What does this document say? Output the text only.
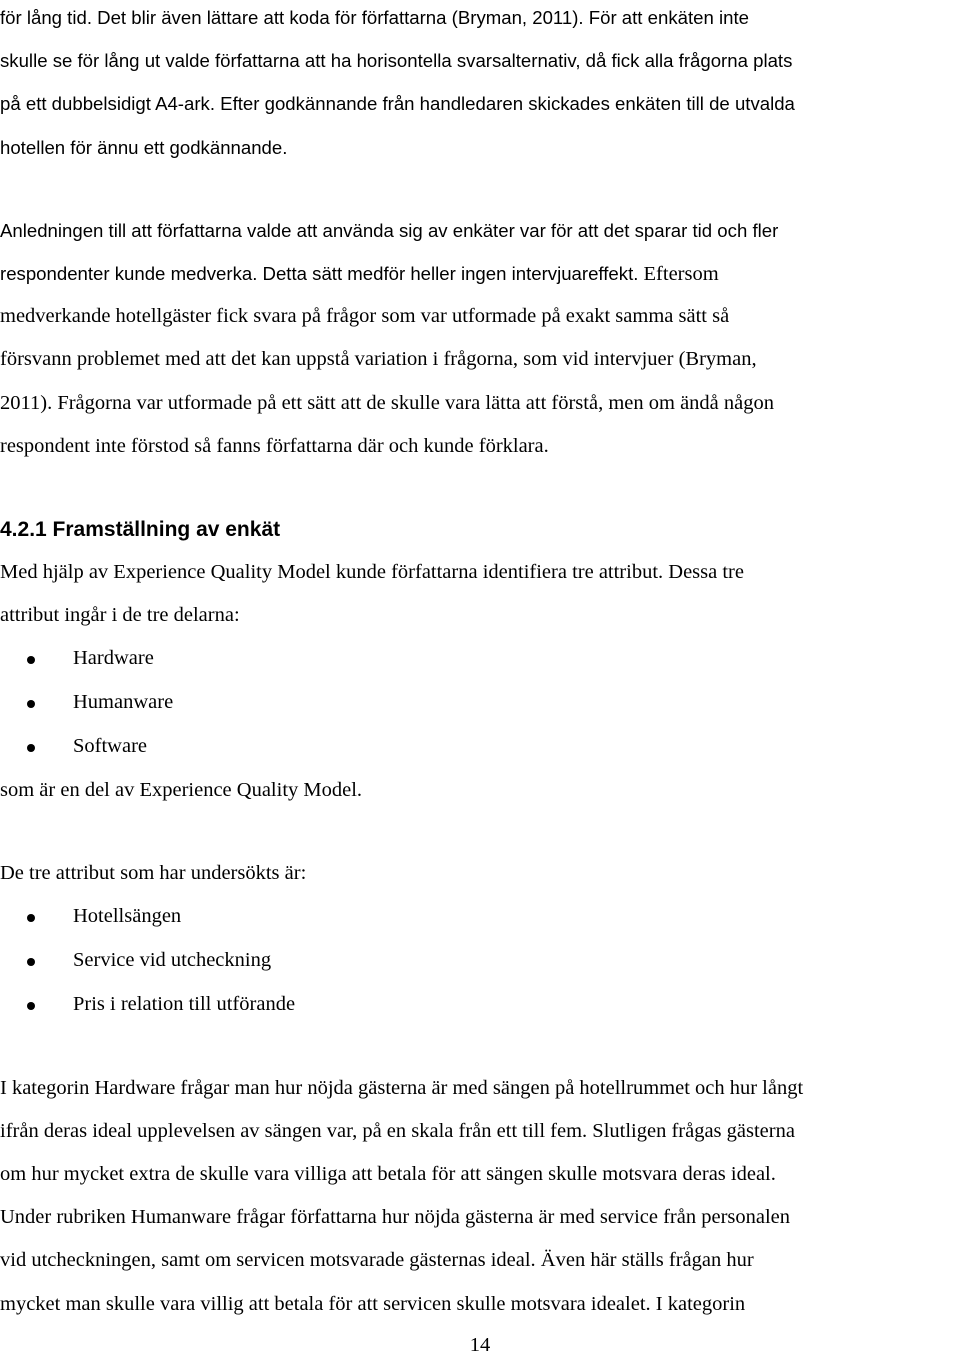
för lång tid. Det blir även lättare att koda för författarna (Bryman, 2011). För att enkäten inte
skulle se för lång ut valde författarna att ha horisontella svarsalternativ, då fick alla frågorna plats
på ett dubbelsidigt A4-ark. Efter godkännande från handledaren skickades enkäten till de utvalda
hotellen för ännu ett godkännande.
Anledningen till att författarna valde att använda sig av enkäter var för att det sparar tid och fler
respondenter kunde medverka. Detta sätt medför heller ingen intervjuareffekt. Eftersom
medverkande hotellgäster fick svara på frågor som var utformade på exakt samma sätt så
försvann problemet med att det kan uppstå variation i frågorna, som vid intervjuer (Bryman,
2011). Frågorna var utformade på ett sätt att de skulle vara lätta att förstå, men om ändå någon
respondent inte förstod så fanns författarna där och kunde förklara.
4.2.1 Framställning av enkät
Med hjälp av Experience Quality Model kunde författarna identifiera tre attribut. Dessa tre
attribut ingår i de tre delarna:
Hardware
Humanware
Software
som är en del av Experience Quality Model.
De tre attribut som har undersökts är:
Hotellsängen
Service vid utcheckning
Pris i relation till utförande
I kategorin Hardware frågar man hur nöjda gästerna är med sängen på hotellrummet och hur långt
ifrån deras ideal upplevelsen av sängen var, på en skala från ett till fem. Slutligen frågas gästerna
om hur mycket extra de skulle vara villiga att betala för att sängen skulle motsvara deras ideal.
Under rubriken Humanware frågar författarna hur nöjda gästerna är med service från personalen
vid utcheckningen, samt om servicen motsvarade gästernas ideal. Även här ställs frågan hur
mycket man skulle vara villig att betala för att servicen skulle motsvara idealet. I kategorin
14
